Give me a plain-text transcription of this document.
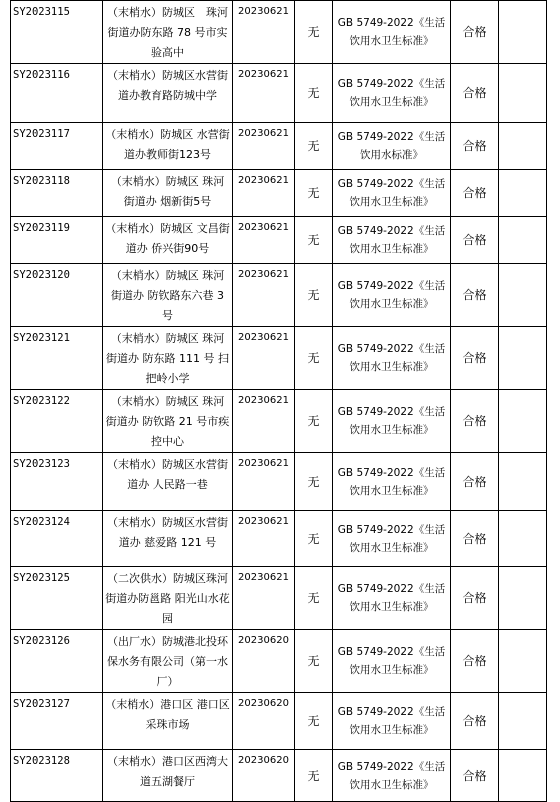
SY2023115	（末梢水）防城区　珠河街道办防东路 78 号市实验高中	20230621	无	GB 5749-2022《生活饮用水卫生标准》	合格	
SY2023116	（末梢水）防城区水营街道办教育路防城中学	20230621	无	GB 5749-2022《生活饮用水卫生标准》	合格	
SY2023117	（末梢水）防城区 水营街道办教师街123号	20230621	无	GB 5749-2022《生活饮用水标准》	合格	
SY2023118	（末梢水）防城区 珠河 街道办 烟新街5号	20230621	无	GB 5749-2022《生活饮用水卫生标准》	合格	
SY2023119	（末梢水）防城区 文昌街道办 侨兴街90号	20230621	无	GB 5749-2022《生活饮用水卫生标准》	合格	
SY2023120	（末梢水）防城区 珠河 街道办 防钦路东六巷 3 号	20230621	无	GB 5749-2022《生活饮用水卫生标准》	合格	
SY2023121	（末梢水）防城区 珠河 街道办 防东路 111 号 扫把岭小学	20230621	无	GB 5749-2022《生活饮用水卫生标准》	合格	
SY2023122	（末梢水）防城区 珠河 街道办 防钦路 21 号市疾控中心	20230621	无	GB 5749-2022《生活饮用水卫生标准》	合格	
SY2023123	（末梢水）防城区水营街道办 人民路一巷	20230621	无	GB 5749-2022《生活饮用水卫生标准》	合格	
SY2023124	（末梢水）防城区水营街道办 慈爱路 121 号	20230621	无	GB 5749-2022《生活饮用水卫生标准》	合格	
SY2023125	（二次供水）防城区珠河街道办防邕路 阳光山水花园	20230621	无	GB 5749-2022《生活饮用水卫生标准》	合格	
SY2023126	（出厂水）防城港北投环保水务有限公司（第一水厂）	20230620	无	GB 5749-2022《生活饮用水卫生标准》	合格	
SY2023127	（末梢水）港口区 港口区采珠市场	20230620	无	GB 5749-2022《生活饮用水卫生标准》	合格	
SY2023128	（末梢水）港口区西湾大道五湖餐厅	20230620	无	GB 5749-2022《生活饮用水卫生标准》	合格	
